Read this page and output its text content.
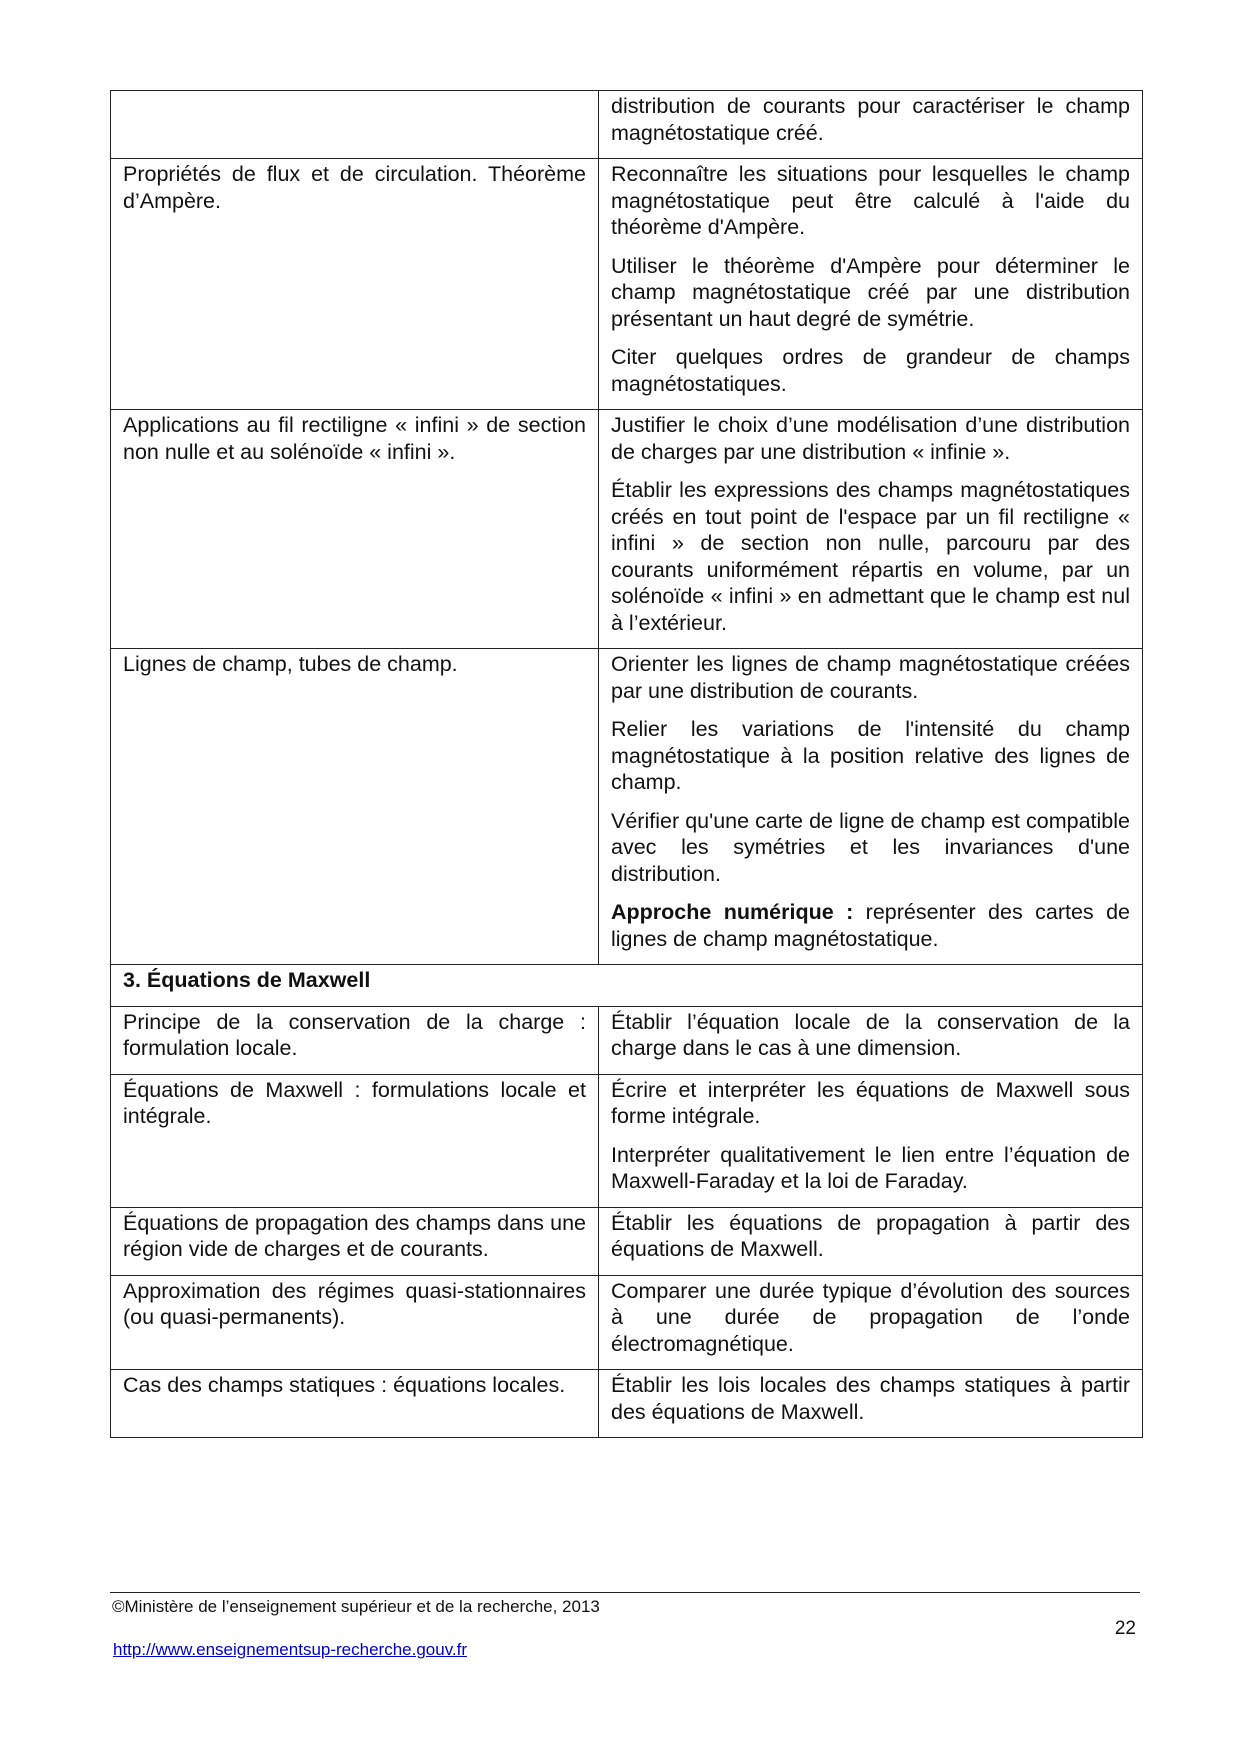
	distribution de courants pour caractériser le champ magnétostatique créé.

Propriétés de flux et de circulation. Théorème d’Ampère.	Reconnaître les situations pour lesquelles le champ magnétostatique peut être calculé à l'aide du théorème d'Ampère.

Utiliser le théorème d'Ampère pour déterminer le champ magnétostatique créé par une distribution présentant un haut degré de symétrie.

Citer quelques ordres de grandeur de champs magnétostatiques.

Applications au fil rectiligne « infini » de section non nulle et au solénoïde « infini ».	Justifier le choix d’une modélisation d’une distribution de charges par une distribution « infinie ».

Établir les expressions des champs magnétostatiques créés en tout point de l'espace par un fil rectiligne « infini » de section non nulle, parcouru par des courants uniformément répartis en volume, par un solénoïde « infini » en admettant que le champ est nul à l’extérieur.

Lignes de champ, tubes de champ.	Orienter les lignes de champ magnétostatique créées par une distribution de courants.

Relier les variations de l'intensité du champ magnétostatique à la position relative des lignes de champ.

Vérifier qu'une carte de ligne de champ est compatible avec les symétries et les invariances d'une distribution.

Approche numérique : représenter des cartes de lignes de champ magnétostatique.

3. Équations de Maxwell	

Principe de la conservation de la charge : formulation locale.	Établir l’équation locale de la conservation de la charge dans le cas à une dimension.

Équations de Maxwell : formulations locale et intégrale.	Écrire et interpréter les équations de Maxwell sous forme intégrale.

Interpréter qualitativement le lien entre l’équation de Maxwell-Faraday et la loi de Faraday.

Équations de propagation des champs dans une région vide de charges et de courants.	Établir les équations de propagation à partir des équations de Maxwell.

Approximation des régimes quasi-stationnaires (ou quasi-permanents).	Comparer une durée typique d’évolution des sources à une durée de propagation de l’onde électromagnétique.

Cas des champs statiques : équations locales.	Établir les lois locales des champs statiques à partir des équations de Maxwell.

©Ministère de l’enseignement supérieur et de la recherche, 2013
22
http://www.enseignementsup-recherche.gouv.fr
